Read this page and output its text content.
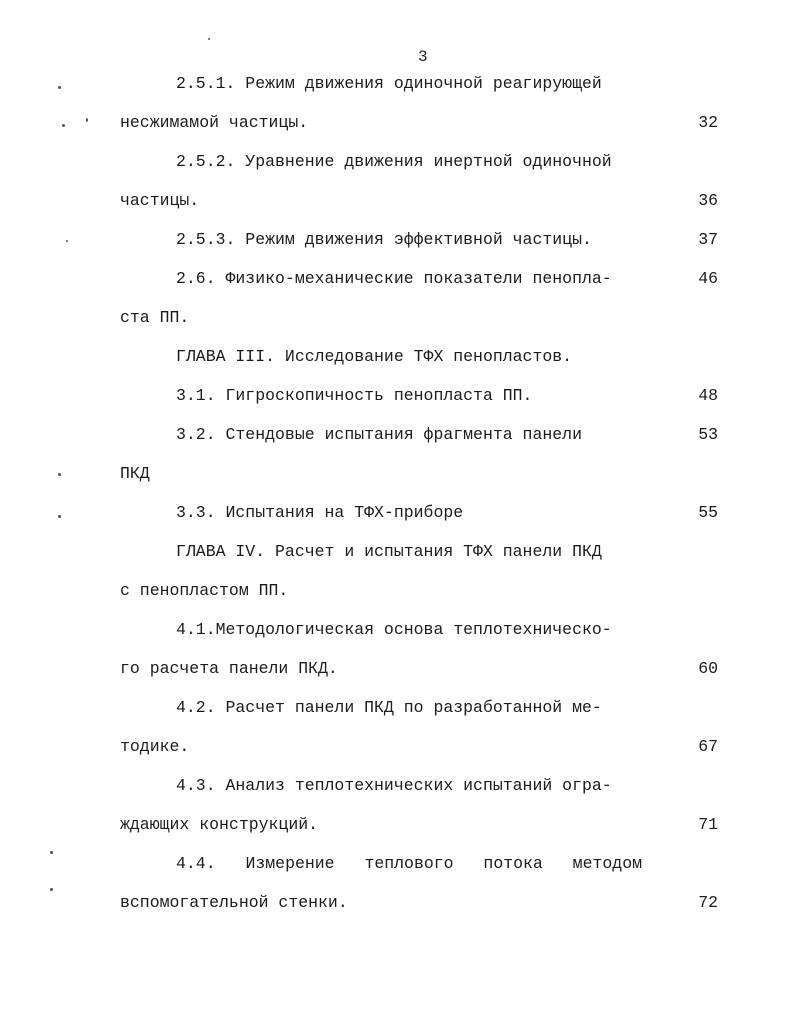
3
2.5.1. Режим движения одиночной реагирующей
несжимамой частицы.	32
2.5.2. Уравнение движения инертной одиночной
частицы.	36
2.5.3. Режим движения эффективной частицы.	37
2.6. Физико-механические показатели пенопла-	46
ста ПП.
ГЛАВА III. Исследование ТФХ пенопластов.
3.1. Гигроскопичность пенопласта ПП.	48
3.2. Стендовые испытания фрагмента панели	53
ПКД
3.3. Испытания на ТФХ-приборе	55
ГЛАВА IV. Расчет и испытания ТФХ панели ПКД
с пенопластом ПП.
4.1.Методологическая основа теплотехническо-
го расчета панели ПКД.	60
4.2. Расчет панели ПКД по разработанной ме-
тодике.	67
4.3. Анализ теплотехнических испытаний огра-
ждающих конструкций.	71
4.4. Измерение теплового потока методом
вспомогательной стенки.	72
